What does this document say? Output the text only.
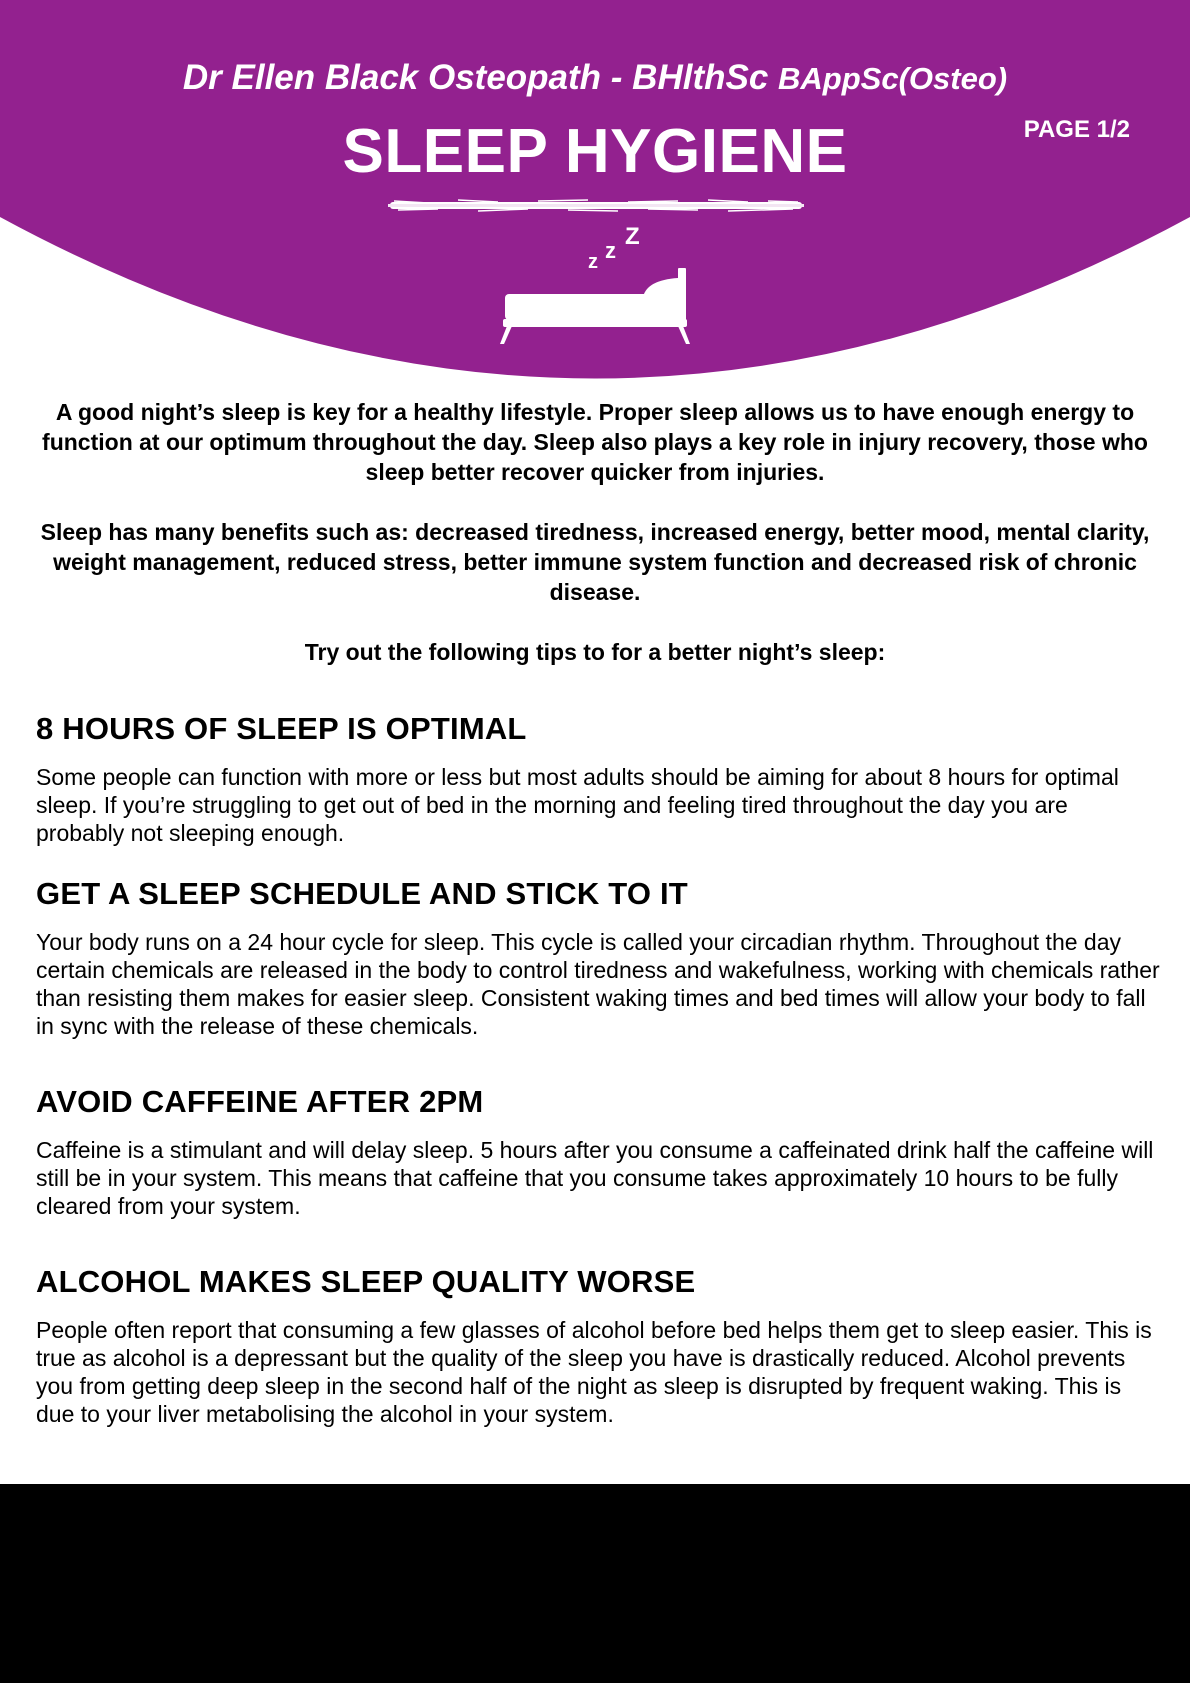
Dr Ellen Black Osteopath - BHlthSc BAppSc(Osteo)
SLEEP HYGIENE	PAGE 1/2
Z
z z

A good night’s sleep is key for a healthy lifestyle. Proper sleep allows us to have enough energy to function at our optimum throughout the day. Sleep also plays a key role in injury recovery, those who sleep better recover quicker from injuries.

Sleep has many benefits such as: decreased tiredness, increased energy, better mood, mental clarity, weight management, reduced stress, better immune system function and decreased risk of chronic disease.

Try out the following tips to for a better night’s sleep:

8 HOURS OF SLEEP IS OPTIMAL

Some people can function with more or less but most adults should be aiming for about 8 hours for optimal sleep. If you’re struggling to get out of bed in the morning and feeling tired throughout the day you are probably not sleeping enough.

GET A SLEEP SCHEDULE AND STICK TO IT

Your body runs on a 24 hour cycle for sleep. This cycle is called your circadian rhythm. Throughout the day certain chemicals are released in the body to control tiredness and wakefulness, working with chemicals rather than resisting them makes for easier sleep. Consistent waking times and bed times will allow your body to fall in sync with the release of these chemicals.

AVOID CAFFEINE AFTER 2PM

Caffeine is a stimulant and will delay sleep. 5 hours after you consume a caffeinated drink half the caffeine will still be in your system. This means that caffeine that you consume takes approximately 10 hours to be fully cleared from your system.

ALCOHOL MAKES SLEEP QUALITY WORSE

People often report that consuming a few glasses of alcohol before bed helps them get to sleep easier. This is true as alcohol is a depressant but the quality of the sleep you have is drastically reduced. Alcohol prevents you from getting deep sleep in the second half of the night as sleep is disrupted by frequent waking. This is due to your liver metabolising the alcohol in your system.
